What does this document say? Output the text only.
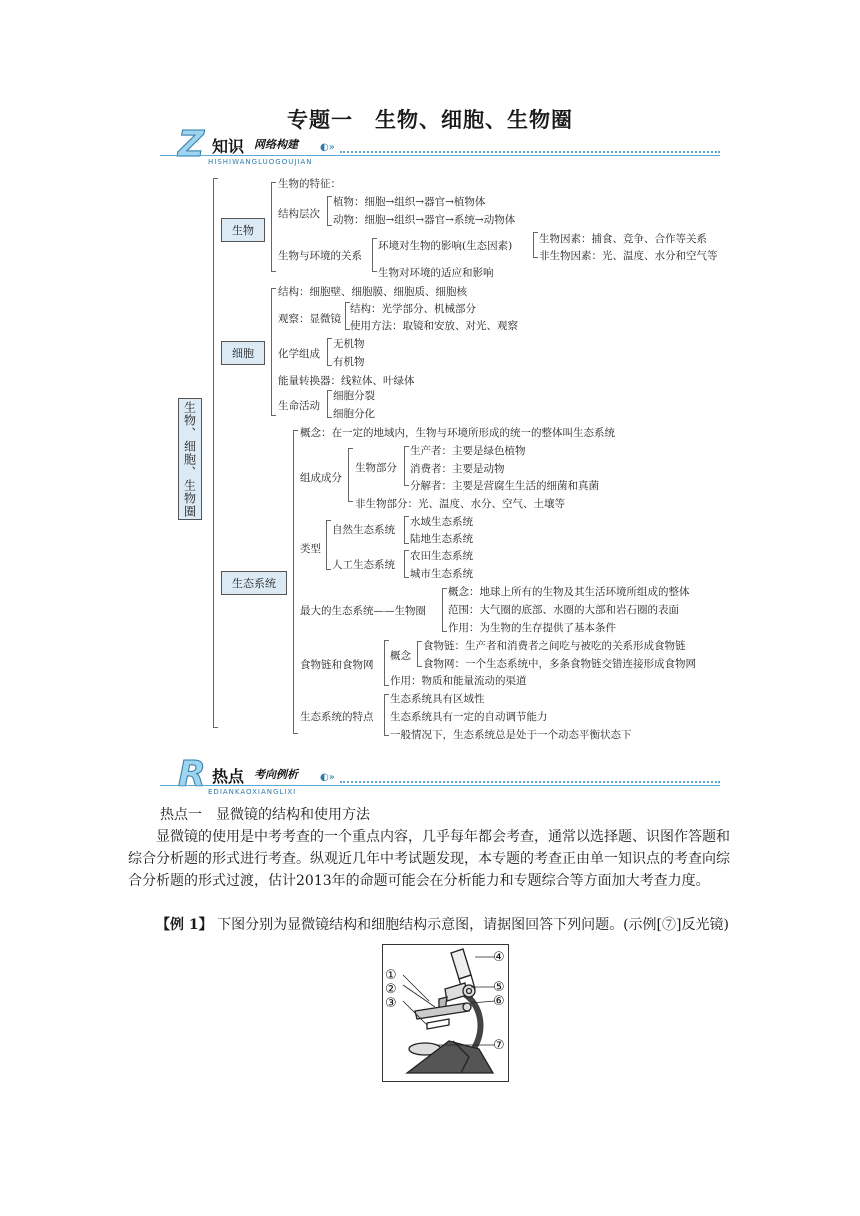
专题一　生物、细胞、生物圈
Z 知识 网络构建 ◐»
HISHIWANGLUOGOUJIAN
生物、细胞、生物圈
生物
生物的特征：
结构层次
植物：细胞→组织→器官→植物体
动物：细胞→组织→器官→系统→动物体
生物与环境的关系
环境对生物的影响(生态因素)
生物因素：捕食、竞争、合作等关系
非生物因素：光、温度、水分和空气等
生物对环境的适应和影响
细胞
结构：细胞壁、细胞膜、细胞质、细胞核
观察：显微镜
结构：光学部分、机械部分
使用方法：取镜和安放、对光、观察
化学组成
无机物
有机物
能量转换器：线粒体、叶绿体
生命活动
细胞分裂
细胞分化
生态系统
概念：在一定的地域内，生物与环境所形成的统一的整体叫生态系统
组成成分
生物部分
生产者：主要是绿色植物
消费者：主要是动物
分解者：主要是营腐生生活的细菌和真菌
非生物部分：光、温度、水分、空气、土壤等
类型
自然生态系统
水域生态系统
陆地生态系统
人工生态系统
农田生态系统
城市生态系统
最大的生态系统——生物圈
概念：地球上所有的生物及其生活环境所组成的整体
范围：大气圈的底部、水圈的大部和岩石圈的表面
作用：为生物的生存提供了基本条件
食物链和食物网
概念
食物链：生产者和消费者之间吃与被吃的关系形成食物链
食物网：一个生态系统中，多条食物链交错连接形成食物网
作用：物质和能量流动的渠道
生态系统的特点
生态系统具有区域性
生态系统具有一定的自动调节能力
一般情况下，生态系统总是处于一个动态平衡状态下
R 热点 考向例析 ◐»
EDIANKAOXIANGLIXI
热点一　显微镜的结构和使用方法
显微镜的使用是中考考查的一个重点内容，几乎每年都会考查，通常以选择题、识图作答题和综合分析题的形式进行考查。纵观近几年中考试题发现，本专题的考查正由单一知识点的考查向综合分析题的形式过渡，估计2013年的命题可能会在分析能力和专题综合等方面加大考查力度。
【例 1】 下图分别为显微镜结构和细胞结构示意图，请据图回答下列问题。(示例[⑦]反光镜)
①
②
③
④
⑤
⑥
⑦
